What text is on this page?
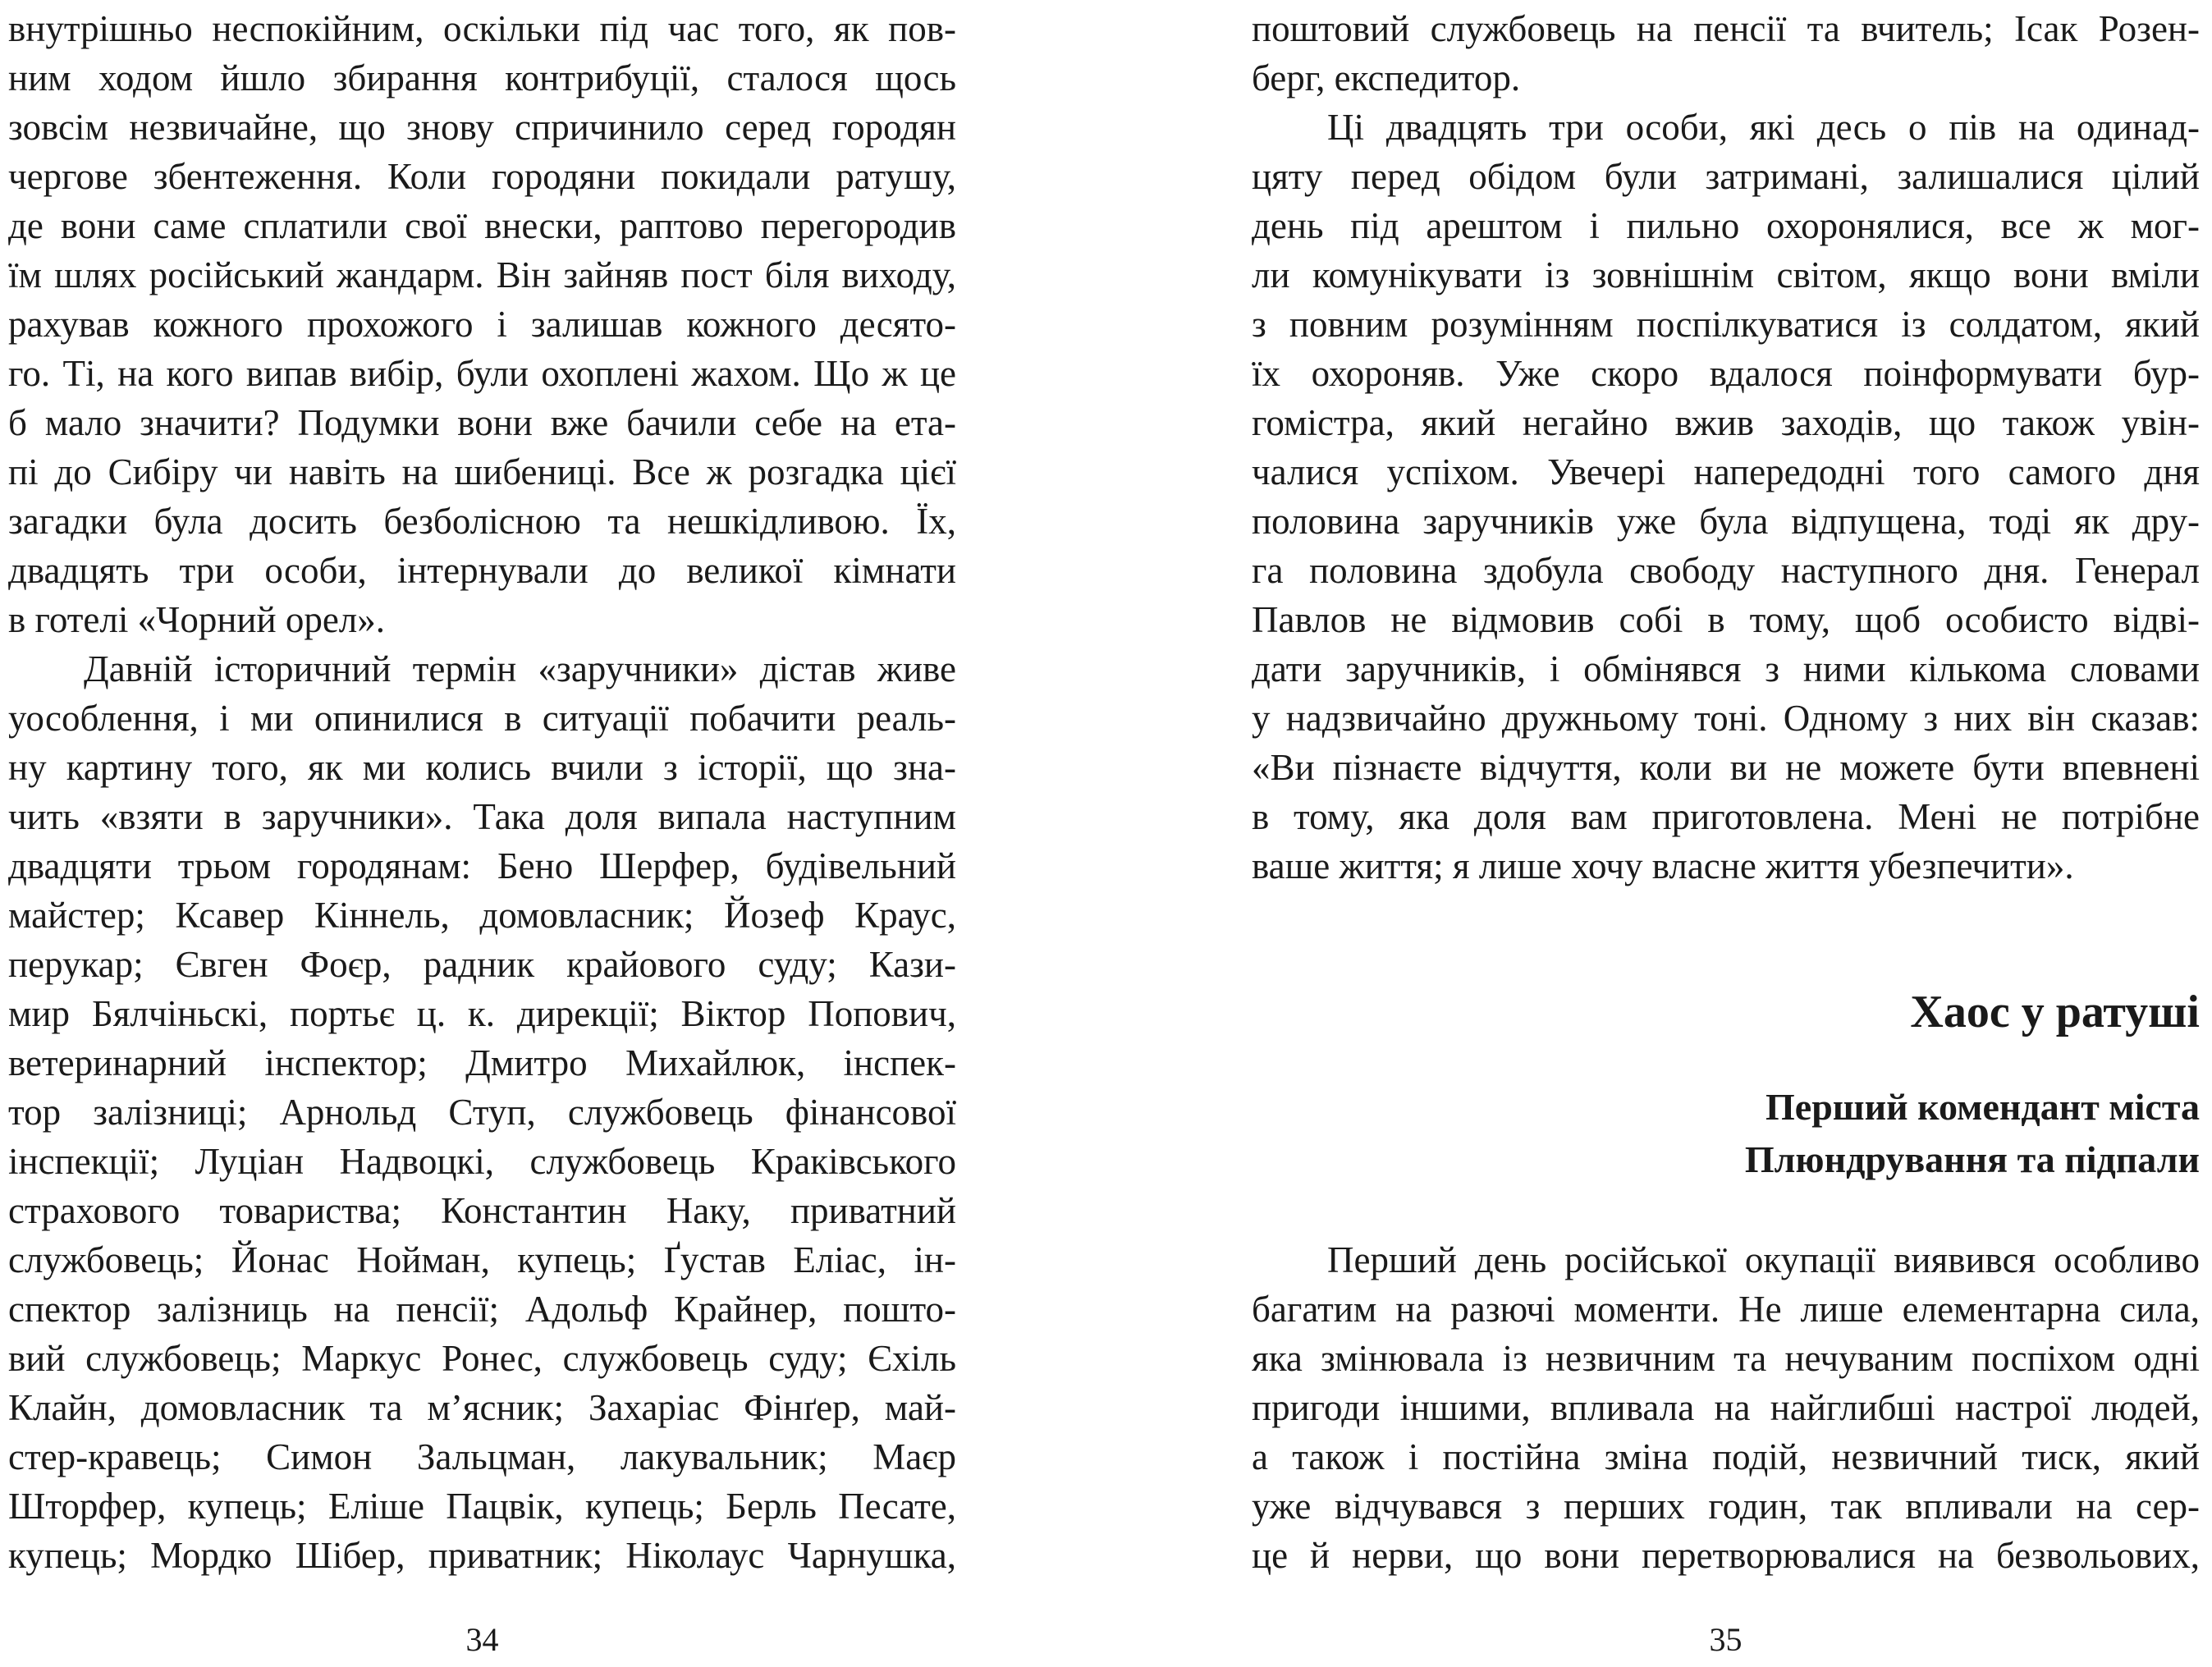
внутрішньо неспокійним, оскільки під час того, як пов-
ним ходом йшло збирання контрибуції, сталося щось
зовсім незвичайне, що знову спричинило серед городян
чергове збентеження. Коли городяни покидали ратушу,
де вони саме сплатили свої внески, раптово перегородив
їм шлях російський жандарм. Він зайняв пост біля виходу,
рахував кожного прохожого і залишав кожного десято-
го. Ті, на кого випав вибір, були охоплені жахом. Що ж це
б мало значити? Подумки вони вже бачили себе на ета-
пі до Сибіру чи навіть на шибениці. Все ж розгадка цієї
загадки була досить безболісною та нешкідливою. Їх,
двадцять три особи, інтернували до великої кімнати
в готелі «Чорний орел».
Давній історичний термін «заручники» дістав живе
уособлення, і ми опинилися в ситуації побачити реаль-
ну картину того, як ми колись вчили з історії, що зна-
чить «взяти в заручники». Така доля випала наступним
двадцяти трьом городянам: Бено Шерфер, будівельний
майстер; Ксавер Кіннель, домовласник; Йозеф Краус,
перукар; Євген Фоєр, радник крайового суду; Кази-
мир Бялчіньскі, портьє ц. к. дирекції; Віктор Попович,
ветеринарний інспектор; Дмитро Михайлюк, інспек-
тор залізниці; Арнольд Ступ, службовець фінансової
інспекції; Луціан Надвоцкі, службовець Краківського
страхового товариства; Константин Наку, приватний
службовець; Йонас Нойман, купець; Ґустав Еліас, ін-
спектор залізниць на пенсії; Адольф Крайнер, пошто-
вий службовець; Маркус Ронес, службовець суду; Єхіль
Клайн, домовласник та м’ясник; Захаріас Фінґер, май-
стер-кравець; Симон Зальцман, лакувальник; Маєр
Шторфер, купець; Еліше Пацвік, купець; Берль Песате,
купець; Мордко Шібер, приватник; Ніколаус Чарнушка,
34
поштовий службовець на пенсії та вчитель; Ісак Розен-
берг, експедитор.
Ці двадцять три особи, які десь о пів на одинад-
цяту перед обідом були затримані, залишалися цілий
день під арештом і пильно охоронялися, все ж мог-
ли комунікувати із зовнішнім світом, якщо вони вміли
з повним розумінням поспілкуватися із солдатом, який
їх охороняв. Уже скоро вдалося поінформувати бур-
гомістра, який негайно вжив заходів, що також увін-
чалися успіхом. Увечері напередодні того самого дня
половина заручників уже була відпущена, тоді як дру-
га половина здобула свободу наступного дня. Генерал
Павлов не відмовив собі в тому, щоб особисто відві-
дати заручників, і обмінявся з ними кількома словами
у надзвичайно дружньому тоні. Одному з них він сказав:
«Ви пізнаєте відчуття, коли ви не можете бути впевнені
в тому, яка доля вам приготовлена. Мені не потрібне
ваше життя; я лише хочу власне життя убезпечити».
Хаос у ратуші
Перший комендант міста
Плюндрування та підпали
Перший день російської окупації виявився особливо
багатим на разючі моменти. Не лише елементарна сила,
яка змінювала із незвичним та нечуваним поспіхом одні
пригоди іншими, впливала на найглибші настрої людей,
а також і постійна зміна подій, незвичний тиск, який
уже відчувався з перших годин, так впливали на сер-
це й нерви, що вони перетворювалися на безвольових,
35
